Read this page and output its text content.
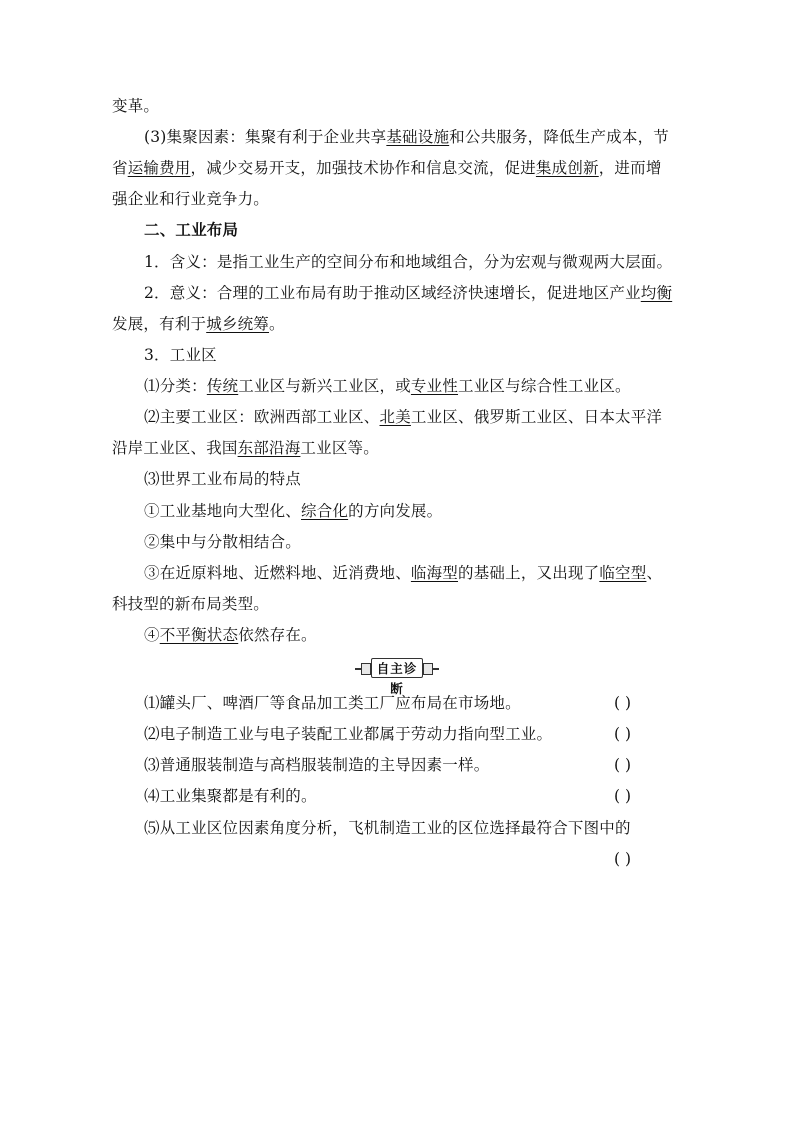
变革。
(3)集聚因素：集聚有利于企业共享基础设施和公共服务，降低生产成本，节
省运输费用，减少交易开支，加强技术协作和信息交流，促进集成创新，进而增
强企业和行业竞争力。
二、工业布局
1．含义：是指工业生产的空间分布和地域组合，分为宏观与微观两大层面。
2．意义：合理的工业布局有助于推动区域经济快速增长，促进地区产业均衡
发展，有利于城乡统筹。
3．工业区
⑴分类：传统工业区与新兴工业区，或专业性工业区与综合性工业区。
⑵主要工业区：欧洲西部工业区、北美工业区、俄罗斯工业区、日本太平洋
沿岸工业区、我国东部沿海工业区等。
⑶世界工业布局的特点
①工业基地向大型化、综合化的方向发展。
②集中与分散相结合。
③在近原料地、近燃料地、近消费地、临海型的基础上，又出现了临空型、
科技型的新布局类型。
④不平衡状态依然存在。
自主诊断
⑴罐头厂、啤酒厂等食品加工类工厂应布局在市场地。	( )
⑵电子制造工业与电子装配工业都属于劳动力指向型工业。	( )
⑶普通服装制造与高档服装制造的主导因素一样。	( )
⑷工业集聚都是有利的。	( )
⑸从工业区位因素角度分析，飞机制造工业的区位选择最符合下图中的
( )
